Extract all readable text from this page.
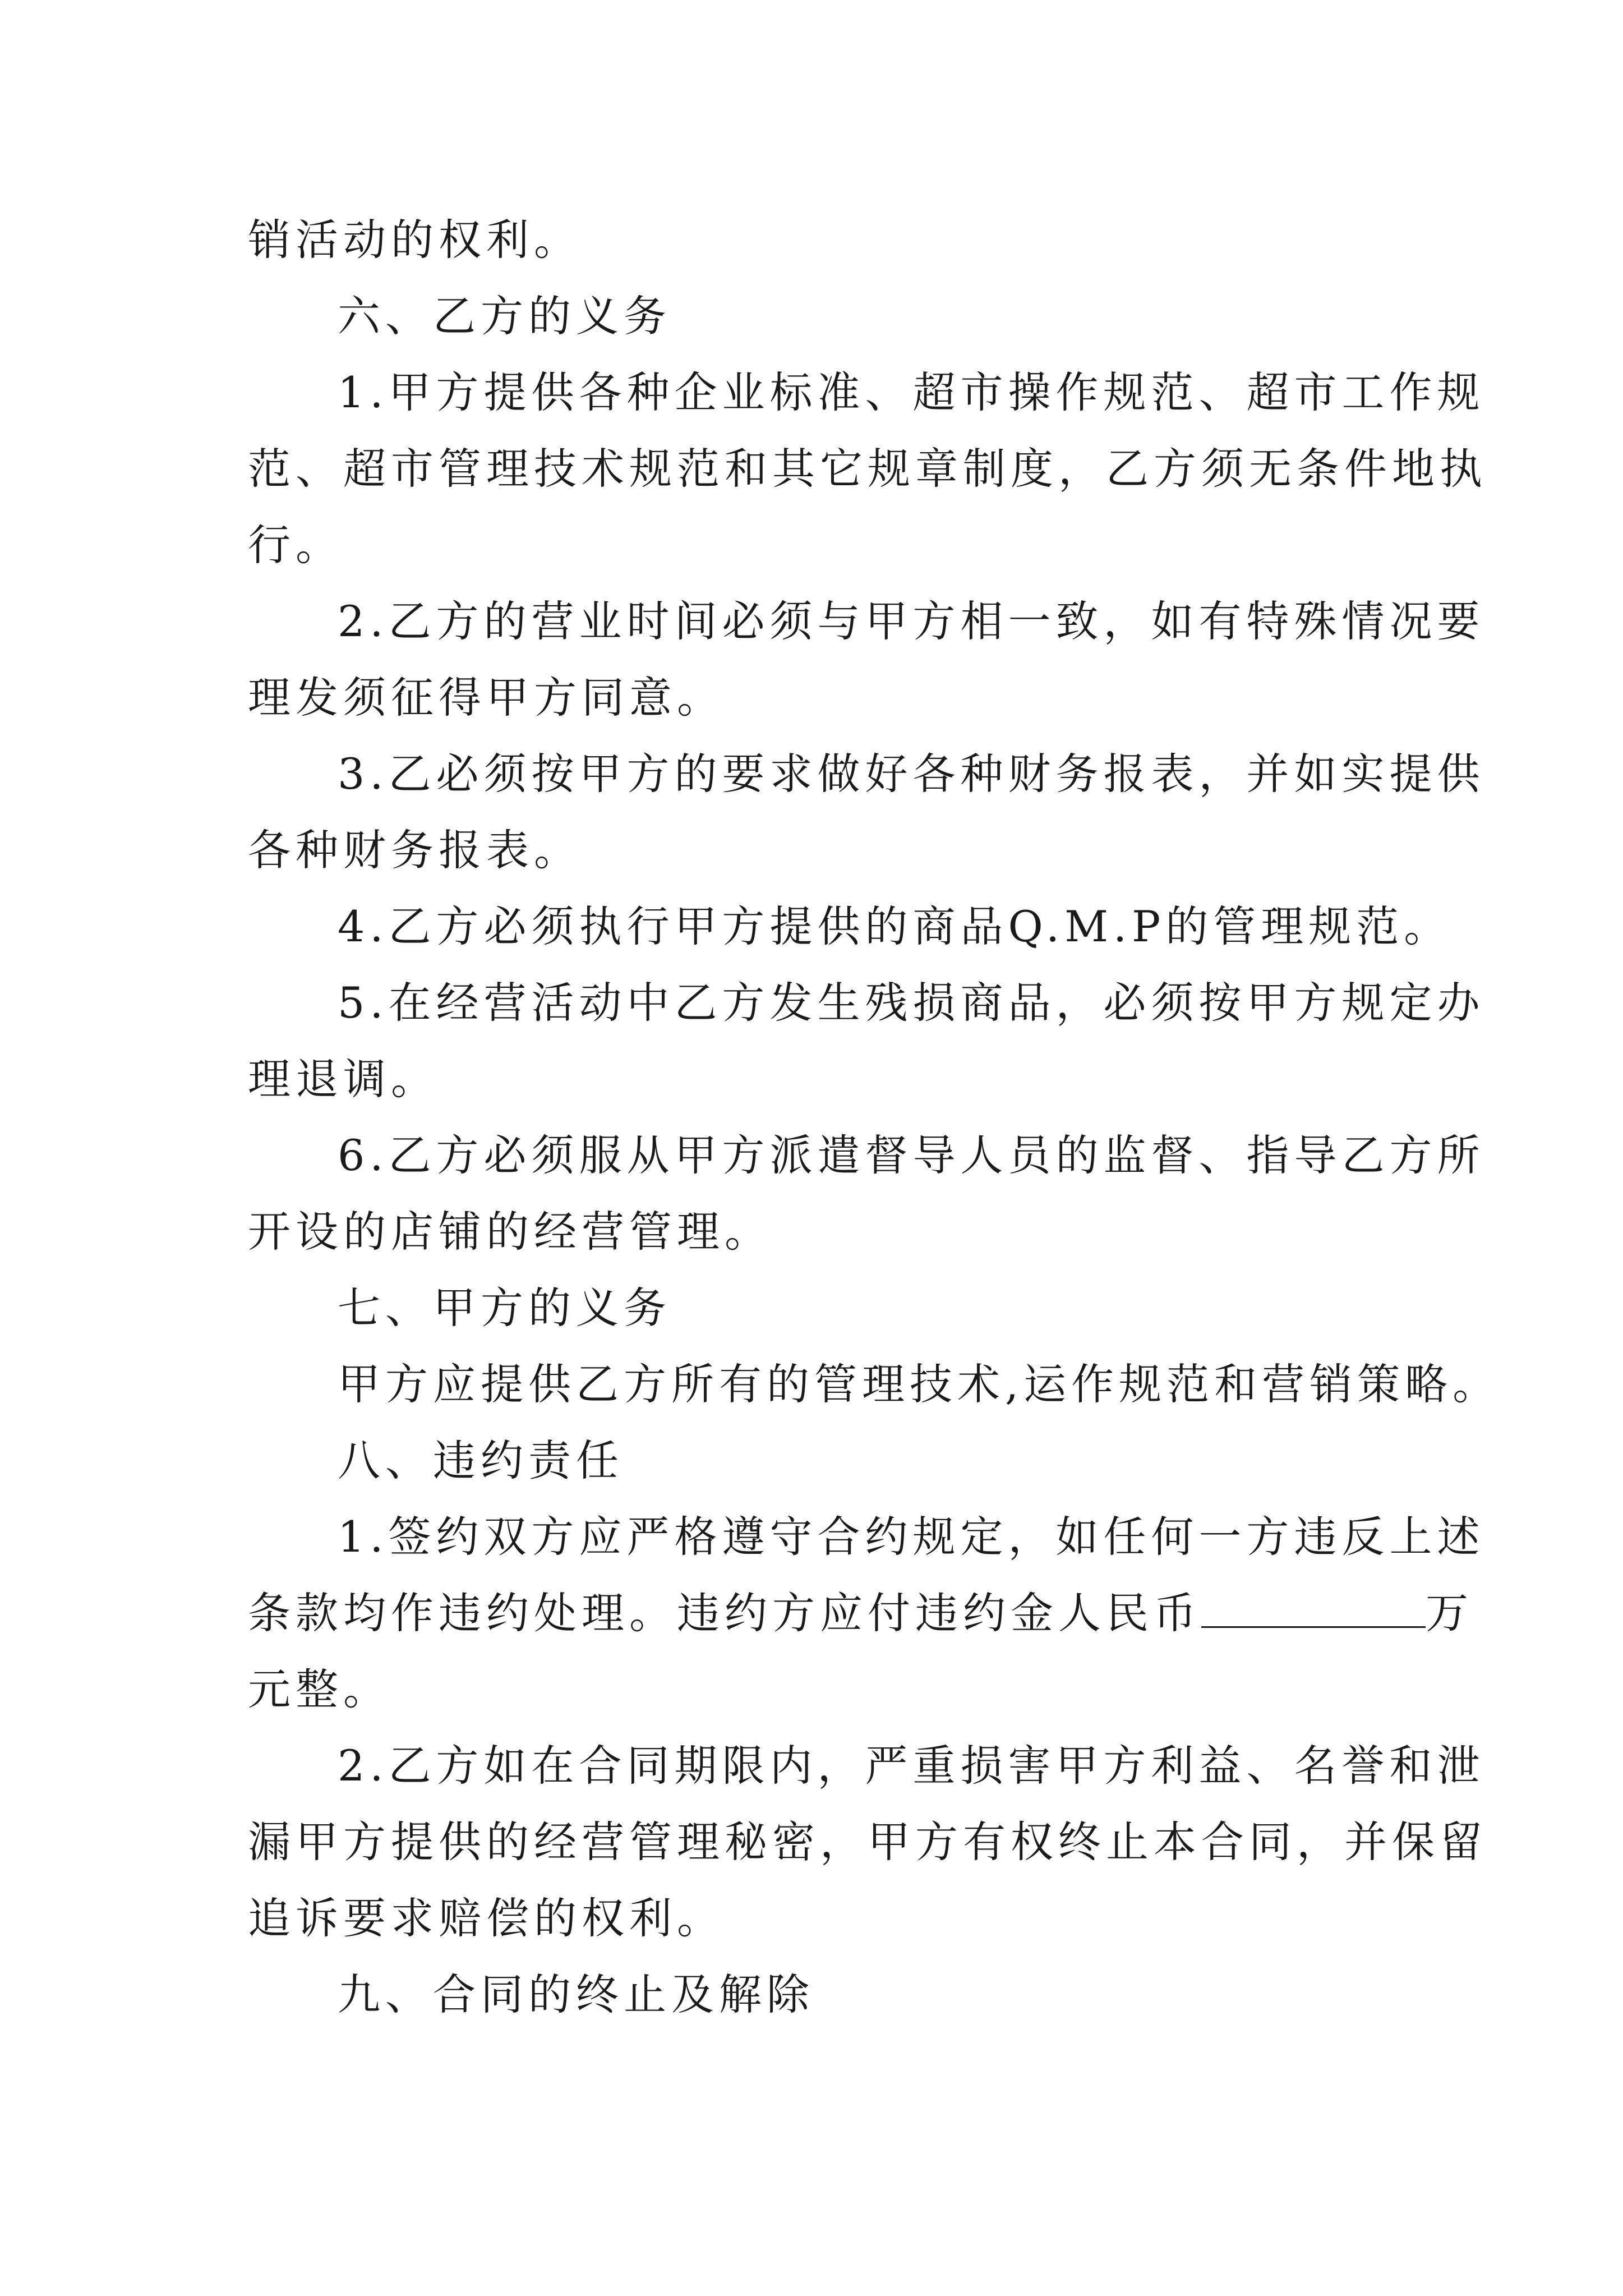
销活动的权利。

六、乙方的义务

1.甲方提供各种企业标准、超市操作规范、超市工作规

范、超市管理技术规范和其它规章制度，乙方须无条件地执

行。

2.乙方的营业时间必须与甲方相一致，如有特殊情况要

理发须征得甲方同意。

3.乙必须按甲方的要求做好各种财务报表，并如实提供

各种财务报表。

4.乙方必须执行甲方提供的商品Q.M.P的管理规范。

5.在经营活动中乙方发生残损商品，必须按甲方规定办

理退调。

6.乙方必须服从甲方派遣督导人员的监督、指导乙方所

开设的店铺的经营管理。

七、甲方的义务

甲方应提供乙方所有的管理技术,运作规范和营销策略。

八、违约责任

1.签约双方应严格遵守合约规定，如任何一方违反上述

条款均作违约处理。违约方应付违约金人民币	万

元整。

2.乙方如在合同期限内，严重损害甲方利益、名誉和泄

漏甲方提供的经营管理秘密，甲方有权终止本合同，并保留

追诉要求赔偿的权利。

九、合同的终止及解除
